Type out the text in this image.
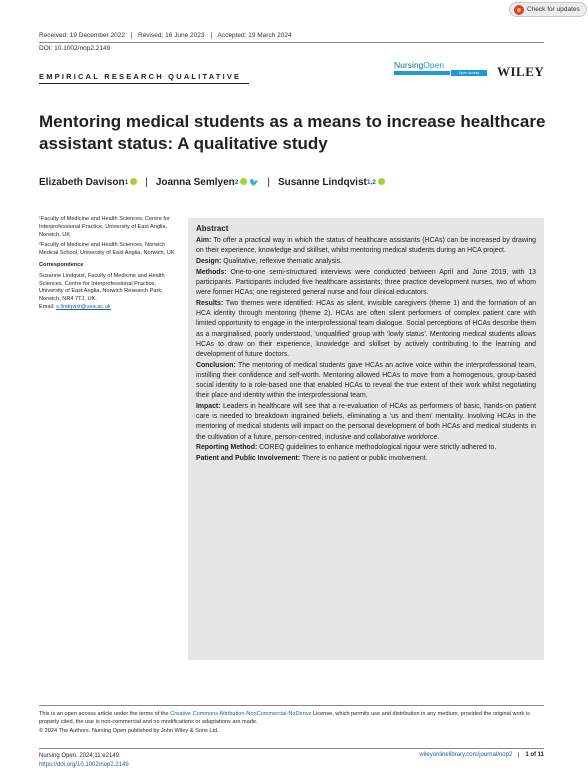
Check for updates
Received: 19 December 2022	Revised: 16 June 2023	Accepted: 19 March 2024
DOI: 10.1002/nop2.2149
EMPIRICAL RESEARCH QUALITATIVE
NursingOpen
Open Access	WILEY
Mentoring medical students as a means to increase healthcare assistant status: A qualitative study
Elizabeth Davison 1 | Joanna Semlyen 2 🐦 | Susanne Lindqvist 1,2

¹Faculty of Medicine and Health Sciences, Centre for Interprofessional Practice, University of East Anglia, Norwich, UK

²Faculty of Medicine and Health Sciences, Norwich Medical School, University of East Anglia, Norwich, UK

Correspondence

Susanne Lindqvist, Faculty of Medicine and Health Sciences, Centre for Interprofessional Practice, University of East Anglia, Norwich Research Park, Norwich, NR4 7TJ, UK.
Email: s.lindqvist@uea.ac.uk

Abstract

Aim: To offer a practical way in which the status of healthcare assistants (HCAs) can be increased by drawing on their experience, knowledge and skillset, whilst mentoring medical students during an HCA project.

Design: Qualitative, reflexive thematic analysis.

Methods: One-to-one semi-structured interviews were conducted between April and June 2019, with 13 participants. Participants included five healthcare assistants; three practice development nurses, two of whom were former HCAs; one registered general nurse and four clinical educators.

Results: Two themes were identified: HCAs as silent, invisible caregivers (theme 1) and the formation of an HCA identity through mentoring (theme 2). HCAs are often silent performers of complex patient care with limited opportunity to engage in the interprofessional team dialogue. Social perceptions of HCAs describe them as a marginalised, poorly understood, ‘unqualified’ group with ‘lowly status’. Mentoring medical students allows HCAs to draw on their experience, knowledge and skillset by actively contributing to the learning and development of future doctors.

Conclusion: The mentoring of medical students gave HCAs an active voice within the interprofessional team, instilling their confidence and self-worth. Mentoring allowed HCAs to move from a homogenous, group-based social identity to a role-based one that enabled HCAs to reveal the true extent of their work whilst negotiating their place and identity within the interprofessional team.

Impact: Leaders in healthcare will see that a re-evaluation of HCAs as performers of basic, hands-on patient care is needed to breakdown ingrained beliefs, eliminating a ‘us and them’ mentality. Involving HCAs in the mentoring of medical students will impact on the personal development of both HCAs and medical students in the cultivation of a future, person-centred, inclusive and collaborative workforce.

Reporting Method: COREQ guidelines to enhance methodological rigour were strictly adhered to.

Patient and Public Involvement: There is no patient or public involvement.

This is an open access article under the terms of the Creative Commons Attribution-NonCommercial-NoDerivs License, which permits use and distribution in any medium, provided the original work is properly cited, the use is non-commercial and no modifications or adaptations are made.
© 2024 The Authors. Nursing Open published by John Wiley & Sons Ltd.
Nursing Open. 2024;11:e2149.
https://doi.org/10.1002/nop2.2149
wileyonlinelibrary.com/journal/nop2	1 of 11
